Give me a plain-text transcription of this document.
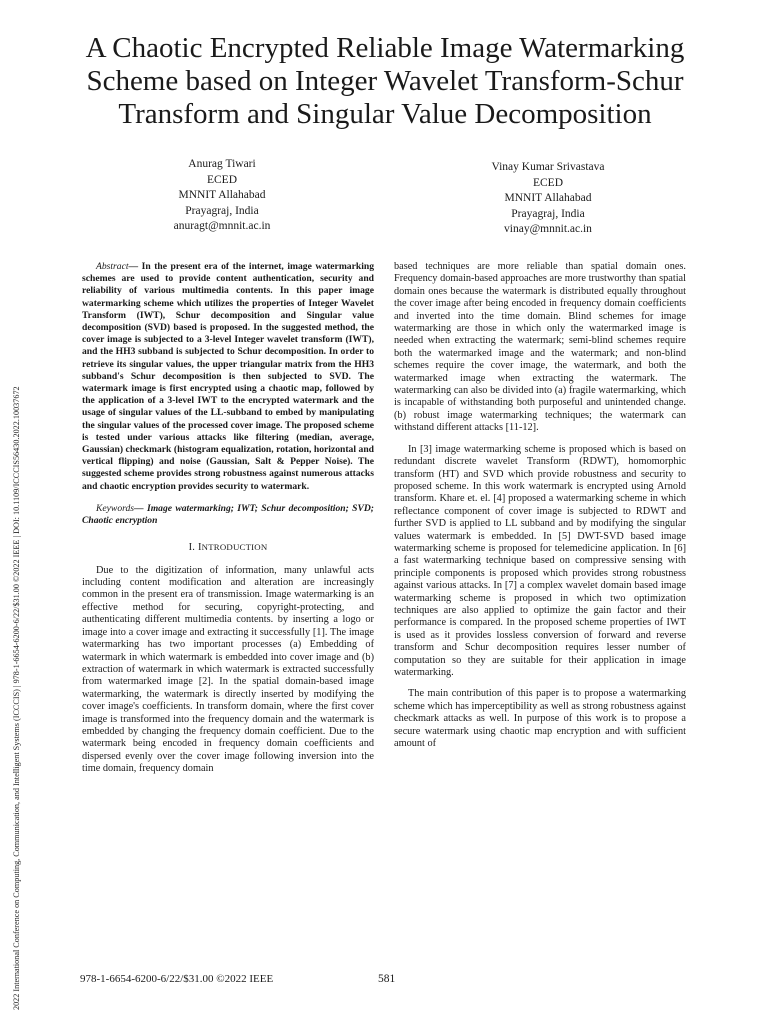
2022 International Conference on Computing, Communication, and Intelligent Systems (ICCCIS) | 978-1-6654-6200-6/22/$31.00 ©2022 IEEE | DOI: 10.1109/ICCCIS56430.2022.10037672
A Chaotic Encrypted Reliable Image Watermarking Scheme based on Integer Wavelet Transform-Schur Transform and Singular Value Decomposition
Anurag Tiwari
ECED
MNNIT Allahabad
Prayagraj, India
anuragt@mnnit.ac.in
Vinay Kumar Srivastava
ECED
MNNIT Allahabad
Prayagraj, India
vinay@mnnit.ac.in

Abstract— In the present era of the internet, image watermarking schemes are used to provide content authentication, security and reliability of various multimedia contents. In this paper image watermarking scheme which utilizes the properties of Integer Wavelet Transform (IWT), Schur decomposition and Singular value decomposition (SVD) based is proposed. In the suggested method, the cover image is subjected to a 3-level Integer wavelet transform (IWT), and the HH3 subband is subjected to Schur decomposition. In order to retrieve its singular values, the upper triangular matrix from the HH3 subband's Schur decomposition is then subjected to SVD. The watermark image is first encrypted using a chaotic map, followed by the application of a 3-level IWT to the encrypted watermark and the usage of singular values of the LL-subband to embed by manipulating the singular values of the processed cover image. The proposed scheme is tested under various attacks like filtering (median, average, Gaussian) checkmark (histogram equalization, rotation, horizontal and vertical flipping) and noise (Gaussian, Salt & Pepper Noise). The suggested scheme provides strong robustness against numerous attacks and chaotic encryption provides security to watermark.

Keywords— Image watermarking; IWT; Schur decomposition; SVD; Chaotic encryption

I. INTRODUCTION

Due to the digitization of information, many unlawful acts including content modification and alteration are increasingly common in the present era of transmission. Image watermarking is an effective method for securing, copyright-protecting, and authenticating different multimedia contents. by inserting a logo or image into a cover image and extracting it successfully [1]. The image watermarking has two important processes (a) Embedding of watermark in which watermark is embedded into cover image and (b) extraction of watermark in which watermark is extracted successfully from watermarked image [2]. In the spatial domain-based image watermarking, the watermark is directly inserted by modifying the cover image's coefficients. In transform domain, where the first cover image is transformed into the frequency domain and the watermark is embedded by changing the frequency domain coefficient. Due to the watermark being encoded in frequency domain coefficients and dispersed evenly over the cover image following inversion into the time domain, frequency domain

based techniques are more reliable than spatial domain ones. Frequency domain-based approaches are more trustworthy than spatial domain ones because the watermark is distributed equally throughout the cover image after being encoded in frequency domain coefficients and inverted into the time domain. Blind schemes for image watermarking are those in which only the watermarked image is needed when extracting the watermark; semi-blind schemes require both the watermarked image and the watermark; and non-blind schemes require the cover image, the watermark, and both the watermarked image when extracting the watermark. The watermarking can also be divided into (a) fragile watermarking, which is incapable of withstanding both purposeful and unintended change. (b) robust image watermarking techniques; the watermark can withstand different attacks [11-12].

In [3] image watermarking scheme is proposed which is based on redundant discrete wavelet Transform (RDWT), homomorphic transform (HT) and SVD which provide robustness and security to proposed scheme. In this work watermark is encrypted using Arnold transform. Khare et. el. [4] proposed a watermarking scheme in which reflectance component of cover image is subjected to RDWT and further SVD is applied to LL subband and by modifying the singular values watermark is embedded. In [5] DWT-SVD based image watermarking scheme is proposed for telemedicine application. In [6] a fast watermarking technique based on compressive sensing with principle components is proposed which provides strong robustness against various attacks. In [7] a complex wavelet domain based image watermarking scheme is proposed in which two optimization techniques are also applied to optimize the gain factor and their performance is compared. In the proposed scheme properties of IWT is used as it provides lossless conversion of forward and reverse transform and Schur decomposition requires lesser number of computation so they are suitable for their application in image watermarking.

The main contribution of this paper is to propose a watermarking scheme which has imperceptibility as well as strong robustness against checkmark attacks as well. In purpose of this work is to propose a secure watermark using chaotic map encryption and with sufficient amount of

978-1-6654-6200-6/22/$31.00 ©2022 IEEE	581
